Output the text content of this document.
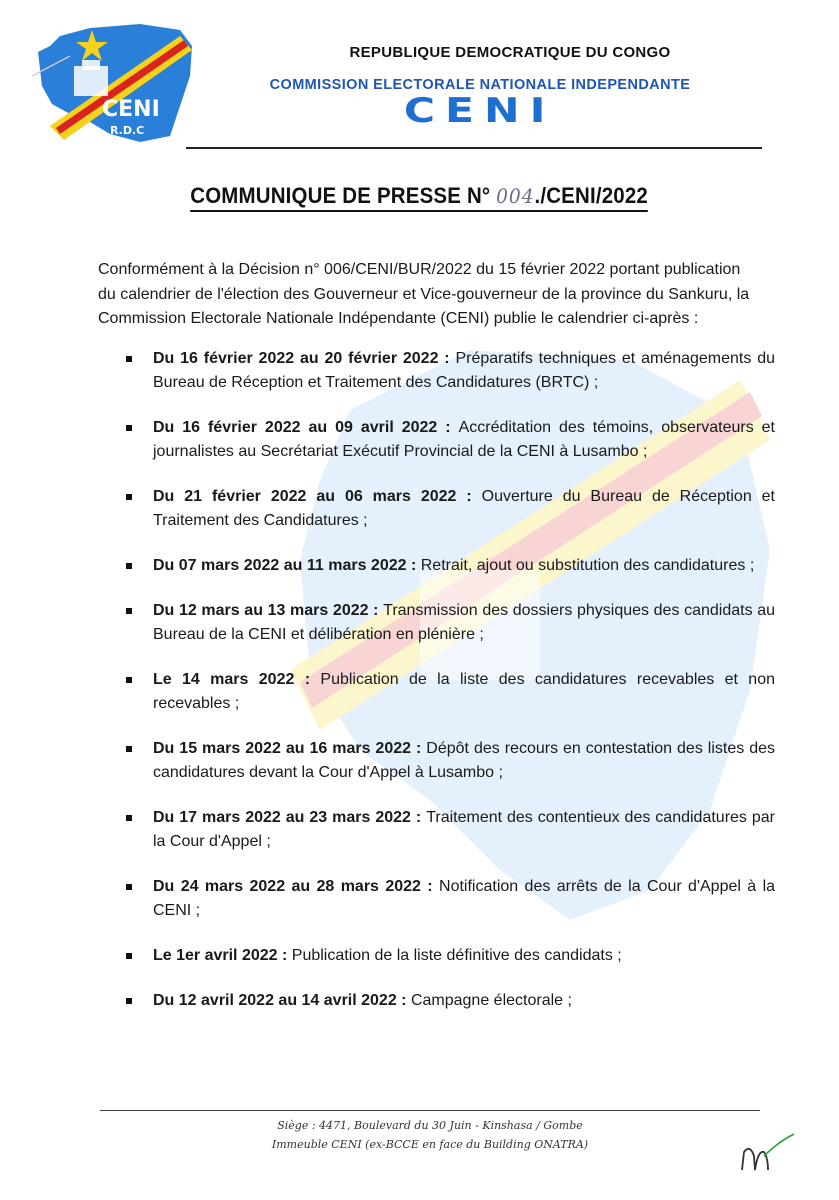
CENI
R.D.C
REPUBLIQUE DEMOCRATIQUE DU CONGO
COMMISSION ELECTORALE NATIONALE INDEPENDANTE
CENI
COMMUNIQUE DE PRESSE N° 004./CENI/2022
Conformément à la Décision n° 006/CENI/BUR/2022 du 15 février 2022 portant publication
du calendrier de l'élection des Gouverneur et Vice-gouverneur de la province du Sankuru, la
Commission Electorale Nationale Indépendante (CENI) publie le calendrier ci-après :
Du 16 février 2022 au 20 février 2022 : Préparatifs techniques et aménagements du Bureau de Réception et Traitement des Candidatures (BRTC) ;
Du 16 février 2022 au 09 avril 2022 : Accréditation des témoins, observateurs et journalistes au Secrétariat Exécutif Provincial de la CENI à Lusambo ;
Du 21 février 2022 au 06 mars 2022 : Ouverture du Bureau de Réception et Traitement des Candidatures ;
Du 07 mars 2022 au 11 mars 2022 : Retrait, ajout ou substitution des candidatures ;
Du 12 mars au 13 mars 2022 : Transmission des dossiers physiques des candidats au Bureau de la CENI et délibération en plénière ;
Le 14 mars 2022 : Publication de la liste des candidatures recevables et non recevables ;
Du 15 mars 2022 au 16 mars 2022 : Dépôt des recours en contestation des listes des candidatures devant la Cour d'Appel à Lusambo ;
Du 17 mars 2022 au 23 mars 2022 : Traitement des contentieux des candidatures par la Cour d'Appel ;
Du 24 mars 2022 au 28 mars 2022 : Notification des arrêts de la Cour d'Appel à la CENI ;
Le 1er avril 2022 : Publication de la liste définitive des candidats ;
Du 12 avril 2022 au 14 avril 2022 : Campagne électorale ;
Siège : 4471, Boulevard du 30 Juin - Kinshasa / Gombe
Immeuble CENI (ex-BCCE en face du Building ONATRA)
